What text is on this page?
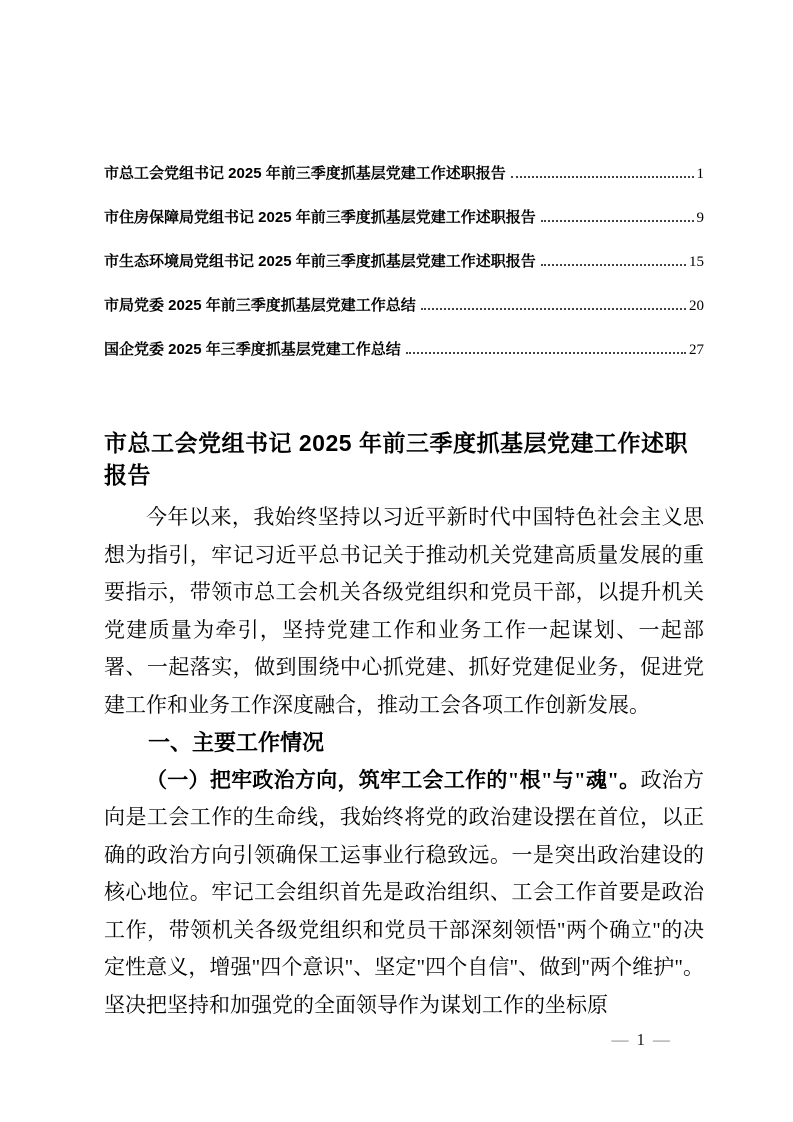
市总工会党组书记 2025 年前三季度抓基层党建工作述职报告	1
市住房保障局党组书记 2025 年前三季度抓基层党建工作述职报告	9
市生态环境局党组书记 2025 年前三季度抓基层党建工作述职报告	15
市局党委 2025 年前三季度抓基层党建工作总结	20
国企党委 2025 年三季度抓基层党建工作总结	27
市总工会党组书记 2025 年前三季度抓基层党建工作述职报告

今年以来，我始终坚持以习近平新时代中国特色社会主义思想为指引，牢记习近平总书记关于推动机关党建高质量发展的重要指示，带领市总工会机关各级党组织和党员干部，以提升机关党建质量为牵引，坚持党建工作和业务工作一起谋划、一起部署、一起落实，做到围绕中心抓党建、抓好党建促业务，促进党建工作和业务工作深度融合，推动工会各项工作创新发展。

一、主要工作情况

（一）把牢政治方向，筑牢工会工作的"根"与"魂"。政治方向是工会工作的生命线，我始终将党的政治建设摆在首位，以正确的政治方向引领确保工运事业行稳致远。一是突出政治建设的核心地位。牢记工会组织首先是政治组织、工会工作首要是政治工作，带领机关各级党组织和党员干部深刻领悟"两个确立"的决定性意义，增强"四个意识"、坚定"四个自信"、做到"两个维护"。坚决把坚持和加强党的全面领导作为谋划工作的坐标原

— 1 —
